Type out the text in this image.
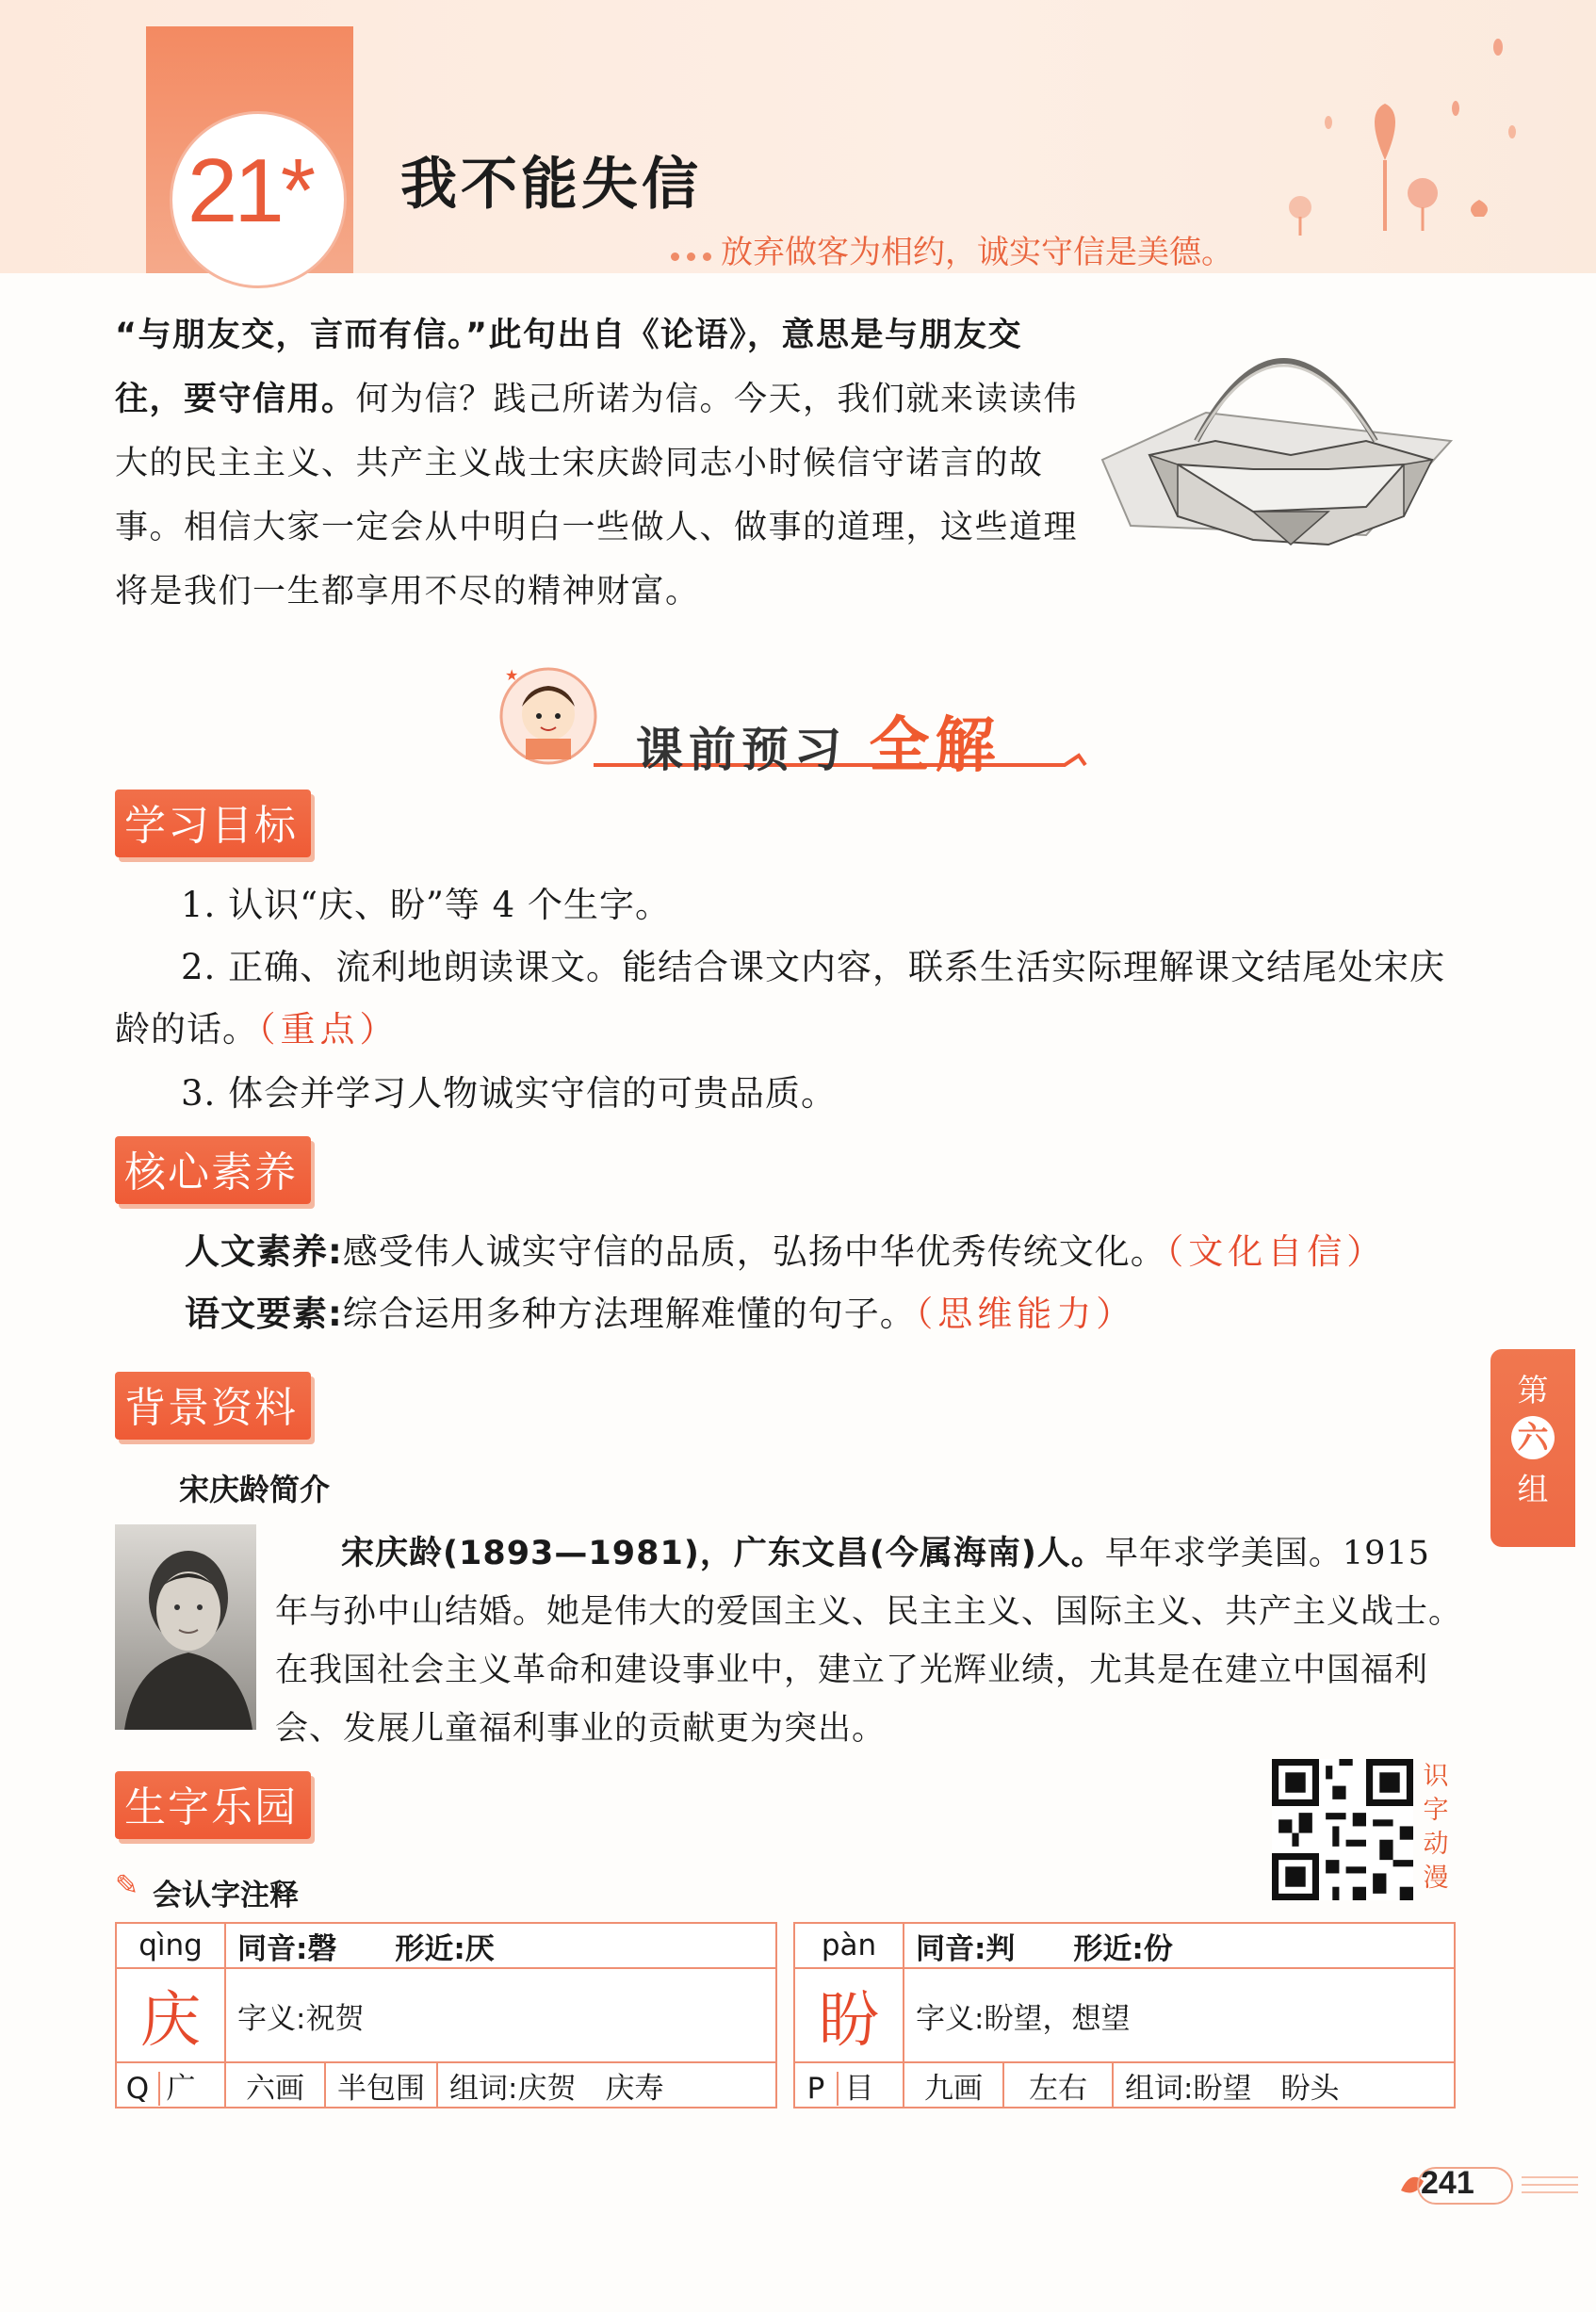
21* 我不能失信
放弃做客为相约，诚实守信是美德。
“与朋友交，言而有信。”此句出自《论语》，意思是与朋友交往，要守信用。何为信？践己所诺为信。今天，我们就来读读伟大的民主主义、共产主义战士宋庆龄同志小时候信守诺言的故事。相信大家一定会从中明白一些做人、做事的道理，这些道理将是我们一生都享用不尽的精神财富。
★
课前预习 全解
学习目标
1. 认识“庆、盼”等 4 个生字。
2. 正确、流利地朗读课文。能结合课文内容，联系生活实际理解课文结尾处宋庆龄的话。（重点）
3. 体会并学习人物诚实守信的可贵品质。
核心素养
人文素养:感受伟人诚实守信的品质，弘扬中华优秀传统文化。（文化自信）
语文要素:综合运用多种方法理解难懂的句子。（思维能力）
第
六
组
背景资料
宋庆龄简介
宋庆龄(1893—1981)，广东文昌(今属海南)人。早年求学美国。1915 年与孙中山结婚。她是伟大的爱国主义、民主主义、国际主义、共产主义战士。在我国社会主义革命和建设事业中，建立了光辉业绩，尤其是在建立中国福利会、发展儿童福利事业的贡献更为突出。
生字乐园
识
字
动
漫
✎ 会认字注释
qìng	同音:磬　　 形近:厌		
庆	字义:祝贺		
Q 广	六画	半包围	组词:庆贺　庆寿
pàn	同音:判　　 形近:份		
盼	字义:盼望，想望		
P 目	九画	左右	组词:盼望　盼头
241
